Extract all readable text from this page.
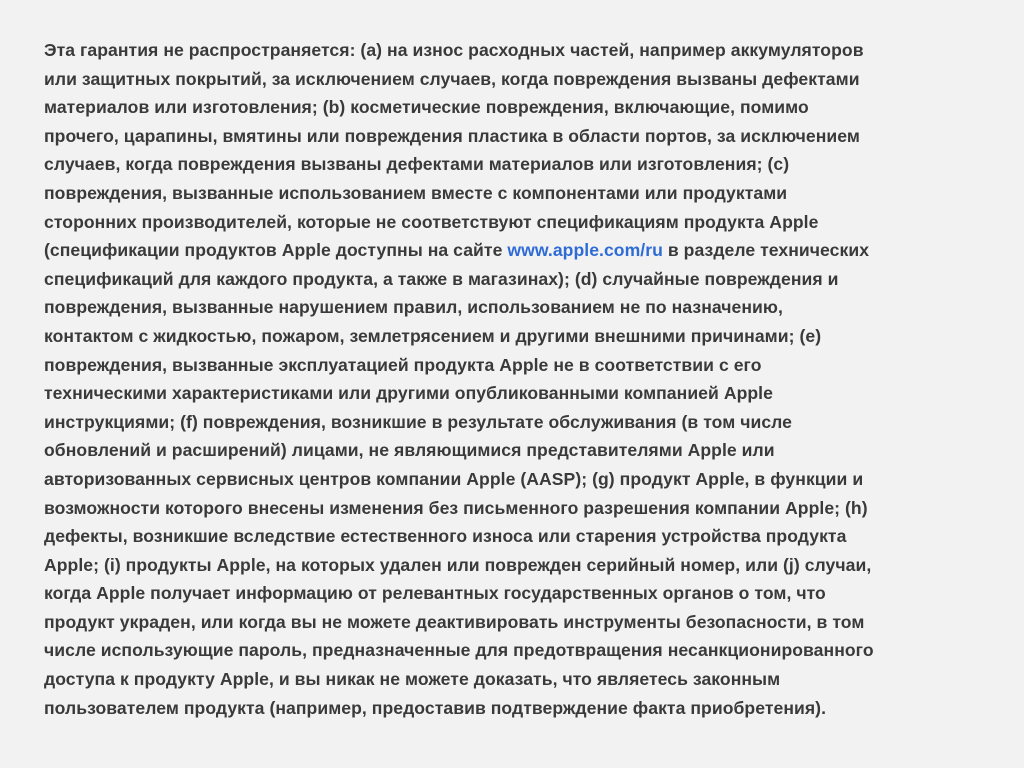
Эта гарантия не распространяется: (a) на износ расходных частей, например аккумуляторов
или защитных покрытий, за исключением случаев, когда повреждения вызваны дефектами
материалов или изготовления; (b) косметические повреждения, включающие, помимо
прочего, царапины, вмятины или повреждения пластика в области портов, за исключением
случаев, когда повреждения вызваны дефектами материалов или изготовления; (c)
повреждения, вызванные использованием вместе с компонентами или продуктами
сторонних производителей, которые не соответствуют спецификациям продукта Apple
(спецификации продуктов Apple доступны на сайте www.apple.com/ru в разделе технических
спецификаций для каждого продукта, а также в магазинах); (d) случайные повреждения и
повреждения, вызванные нарушением правил, использованием не по назначению,
контактом с жидкостью, пожаром, землетрясением и другими внешними причинами; (e)
повреждения, вызванные эксплуатацией продукта Apple не в соответствии с его
техническими характеристиками или другими опубликованными компанией Apple
инструкциями; (f) повреждения, возникшие в результате обслуживания (в том числе
обновлений и расширений) лицами, не являющимися представителями Apple или
авторизованных сервисных центров компании Apple (AASP); (g) продукт Apple, в функции и
возможности которого внесены изменения без письменного разрешения компании Apple; (h)
дефекты, возникшие вследствие естественного износа или старения устройства продукта
Apple; (i) продукты Apple, на которых удален или поврежден серийный номер, или (j) случаи,
когда Apple получает информацию от релевантных государственных органов о том, что
продукт украден, или когда вы не можете деактивировать инструменты безопасности, в том
числе использующие пароль, предназначенные для предотвращения несанкционированного
доступа к продукту Apple, и вы никак не можете доказать, что являетесь законным
пользователем продукта (например, предоставив подтверждение факта приобретения).
